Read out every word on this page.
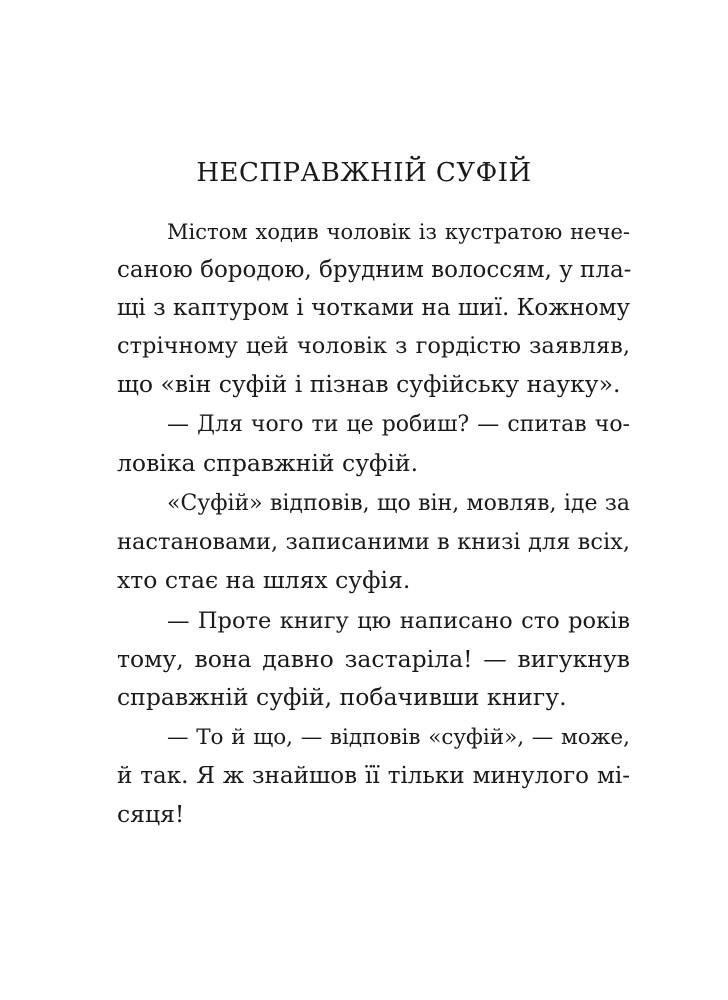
НЕСПРАВЖНІЙ СУФІЙ
Містом ходив чоловік із кустратою нече-
саною бородою, брудним волоссям, у пла-
щі з каптуром і чотками на шиї. Кожному
стрічному цей чоловік з гордістю заявляв,
що «він суфій і пізнав суфійську науку».
— Для чого ти це робиш? — спитав чо-
ловіка справжній суфій.
«Суфій» відповів, що він, мовляв, іде за
настановами, записаними в книзі для всіх,
хто стає на шлях суфія.
— Проте книгу цю написано сто років
тому, вона давно застаріла! — вигукнув
справжній суфій, побачивши книгу.
— То й що, — відповів «суфій», — може,
й так. Я ж знайшов її тільки минулого мі-
сяця!
